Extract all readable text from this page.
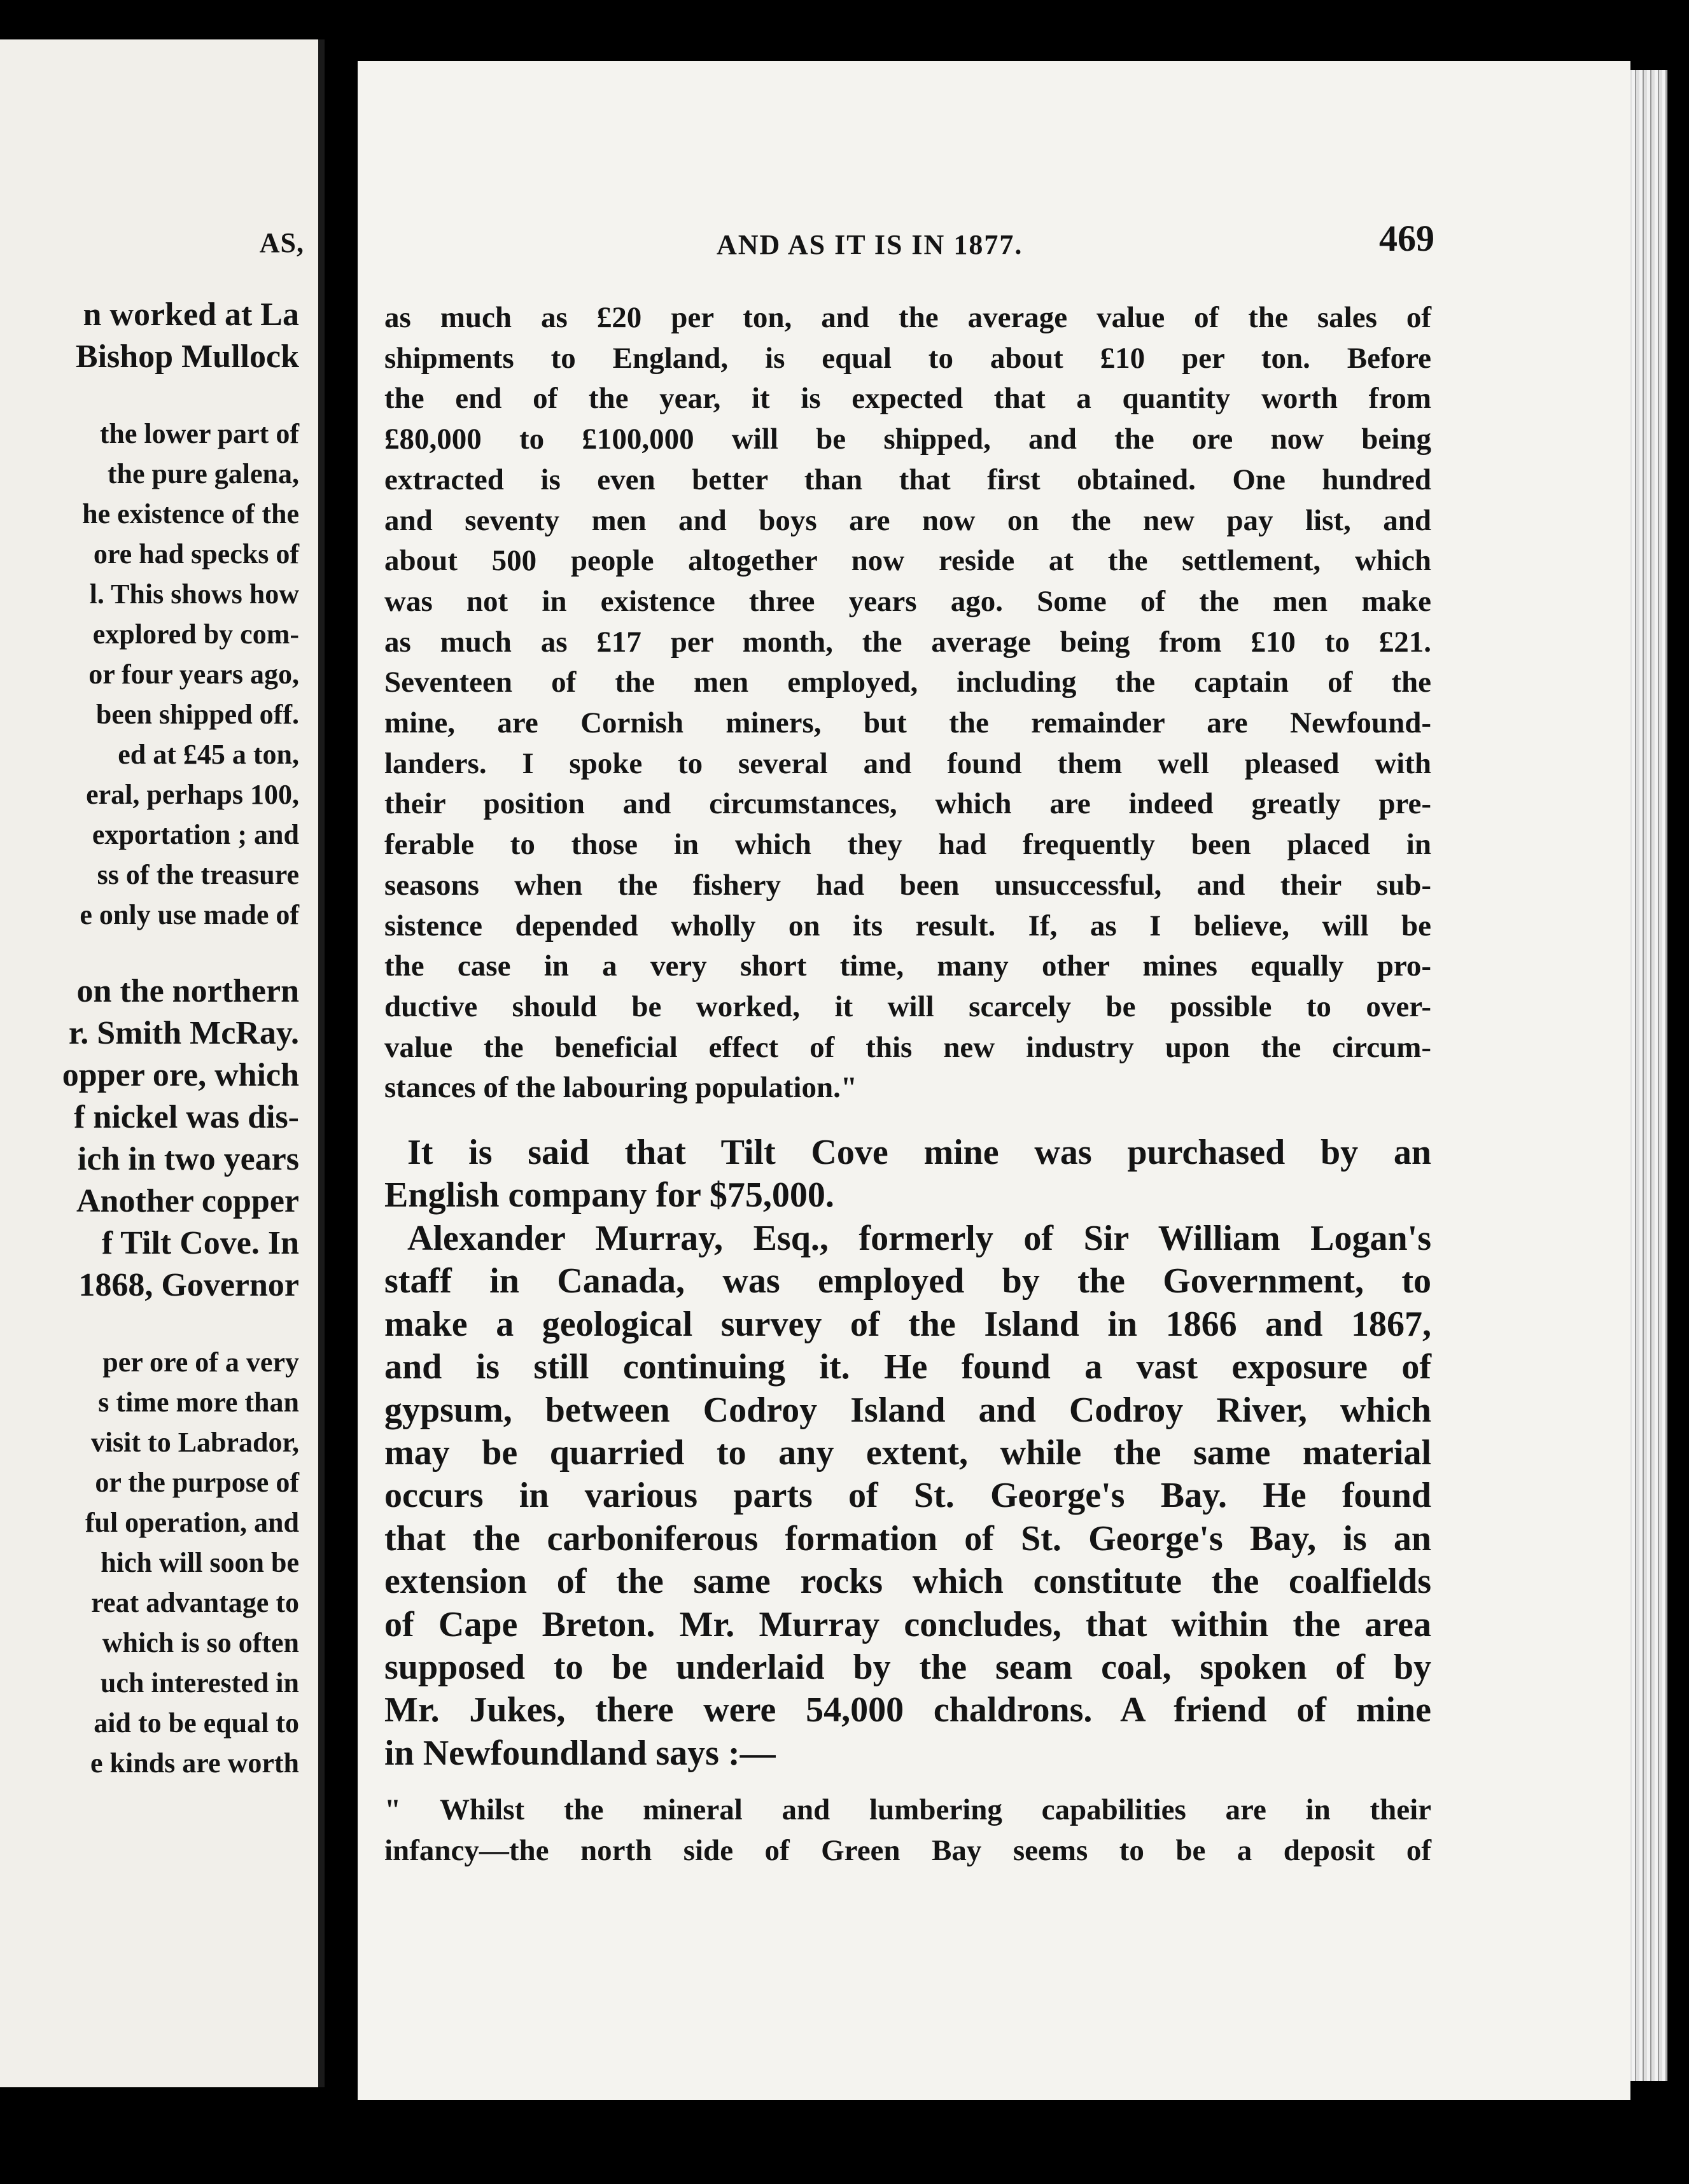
AS,
n worked at La
Bishop Mullock
the lower part of
the pure galena,
he existence of the
ore had specks of
l. This shows how
explored by com-
or four years ago,
been shipped off.
ed at £45 a ton,
eral, perhaps 100,
exportation ; and
ss of the treasure
e only use made of
on the northern
r. Smith McRay.
opper ore, which
f nickel was dis-
ich in two years
Another copper
f Tilt Cove. In
1868, Governor
per ore of a very
s time more than
visit to Labrador,
or the purpose of
ful operation, and
hich will soon be
reat advantage to
which is so often
uch interested in
aid to be equal to
e kinds are worth
AND AS IT IS IN 1877.	469
as much as £20 per ton, and the average value of the sales of
shipments to England, is equal to about £10 per ton. Before
the end of the year, it is expected that a quantity worth from
£80,000 to £100,000 will be shipped, and the ore now being
extracted is even better than that first obtained. One hundred
and seventy men and boys are now on the new pay list, and
about 500 people altogether now reside at the settlement, which
was not in existence three years ago. Some of the men make
as much as £17 per month, the average being from £10 to £21.
Seventeen of the men employed, including the captain of the
mine, are Cornish miners, but the remainder are Newfound-
landers. I spoke to several and found them well pleased with
their position and circumstances, which are indeed greatly pre-
ferable to those in which they had frequently been placed in
seasons when the fishery had been unsuccessful, and their sub-
sistence depended wholly on its result. If, as I believe, will be
the case in a very short time, many other mines equally pro-
ductive should be worked, it will scarcely be possible to over-
value the beneficial effect of this new industry upon the circum-
stances of the labouring population."
It is said that Tilt Cove mine was purchased by an
English company for $75,000.
Alexander Murray, Esq., formerly of Sir William Logan's
staff in Canada, was employed by the Government, to
make a geological survey of the Island in 1866 and 1867,
and is still continuing it. He found a vast exposure of
gypsum, between Codroy Island and Codroy River, which
may be quarried to any extent, while the same material
occurs in various parts of St. George's Bay. He found
that the carboniferous formation of St. George's Bay, is an
extension of the same rocks which constitute the coalfields
of Cape Breton. Mr. Murray concludes, that within the area
supposed to be underlaid by the seam coal, spoken of by
Mr. Jukes, there were 54,000 chaldrons. A friend of mine
in Newfoundland says :—
" Whilst the mineral and lumbering capabilities are in their
infancy—the north side of Green Bay seems to be a deposit of
